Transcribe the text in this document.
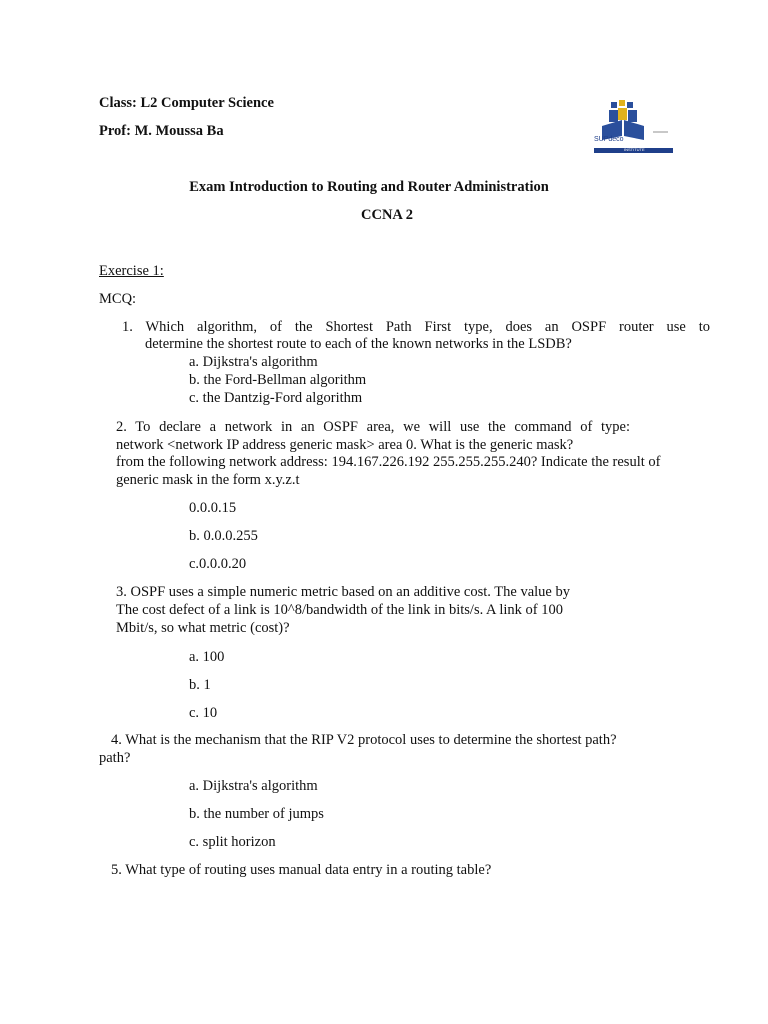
Class: L2 Computer Science
Prof: M. Moussa Ba
SUPdeco
INSTITUTE
Exam Introduction to Routing and Router Administration
CCNA 2
Exercise 1:
MCQ:
1. Which algorithm, of the Shortest Path First type, does an OSPF router use to
determine the shortest route to each of the known networks in the LSDB?
a. Dijkstra's algorithm
b. the Ford-Bellman algorithm
c. the Dantzig-Ford algorithm
2. To declare a network in an OSPF area, we will use the command of type:
network <network IP address generic mask> area 0. What is the generic mask?
from the following network address: 194.167.226.192 255.255.255.240? Indicate the result of
generic mask in the form x.y.z.t
0.0.0.15
b. 0.0.0.255
c.0.0.0.20
3. OSPF uses a simple numeric metric based on an additive cost. The value by
The cost defect of a link is 10^8/bandwidth of the link in bits/s. A link of 100
Mbit/s, so what metric (cost)?
a. 100
b. 1
c. 10
4. What is the mechanism that the RIP V2 protocol uses to determine the shortest path?
path?
a. Dijkstra's algorithm
b. the number of jumps
c. split horizon
5. What type of routing uses manual data entry in a routing table?
